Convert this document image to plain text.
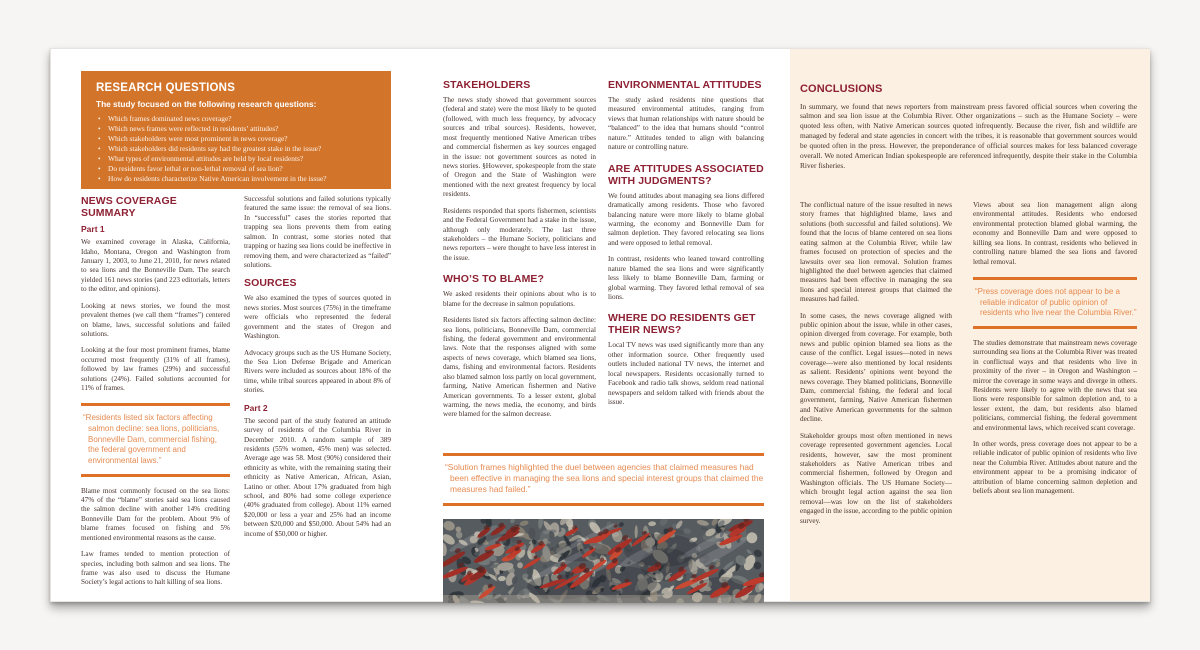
RESEARCH QUESTIONS

The study focused on the following research questions:

• Which frames dominated news coverage?
• Which news frames were reflected in residents’ attitudes?
• Which stakeholders were most prominent in news coverage?
• Which stakeholders did residents say had the greatest stake in the issue?
• What types of environmental attitudes are held by local residents?
• Do residents favor lethal or non-lethal removal of sea lion?
• How do residents characterize Native American involvement in the issue?
NEWS COVERAGE SUMMARY
Part 1

We examined coverage in Alaska, California, Idaho, Montana, Oregon and Washington from January 1, 2003, to June 21, 2010, for news related to sea lions and the Bonneville Dam. The search yielded 161 news stories (and 223 editorials, letters to the editor, and opinions).

Looking at news stories, we found the most prevalent themes (we call them “frames”) centered on blame, laws, successful solutions and failed solutions.

Looking at the four most prominent frames, blame occurred most frequently (31% of all frames), followed by law frames (29%) and successful solutions (24%). Failed solutions accounted for 11% of frames.

“Residents listed six factors affecting salmon decline: sea lions, politicians, Bonneville Dam, commercial fishing, the federal government and environmental laws.”

Blame most commonly focused on the sea lions: 47% of the “blame” stories said sea lions caused the salmon decline with another 14% crediting Bonneville Dam for the problem. About 9% of blame frames focused on fishing and 5% mentioned environmental reasons as the cause.

Law frames tended to mention protection of species, including both salmon and sea lions. The frame was also used to discuss the Humane Society’s legal actions to halt killing of sea lions.

Successful solutions and failed solutions typically featured the same issue: the removal of sea lions. In “successful” cases the stories reported that trapping sea lions prevents them from eating salmon. In contrast, some stories noted that trapping or hazing sea lions could be ineffective in removing them, and were characterized as “failed” solutions.

SOURCES

We also examined the types of sources quoted in news stories. Most sources (75%) in the timeframe were officials who represented the federal government and the states of Oregon and Washington.

Advocacy groups such as the US Humane Society, the Sea Lion Defense Brigade and American Rivers were included as sources about 18% of the time, while tribal sources appeared in about 8% of stories.

Part 2

The second part of the study featured an attitude survey of residents of the Columbia River in December 2010. A random sample of 389 residents (55% women, 45% men) was selected. Average age was 58. Most (90%) considered their ethnicity as white, with the remaining stating their ethnicity as Native American, African, Asian, Latino or other. About 17% graduated from high school, and 80% had some college experience (40% graduated from college). About 11% earned $20,000 or less a year and 25% had an income between $20,000 and $50,000. About 54% had an income of $50,000 or higher.

STAKEHOLDERS

The news study showed that government sources (federal and state) were the most likely to be quoted (followed, with much less frequency, by advocacy sources and tribal sources). Residents, however, most frequently mentioned Native American tribes and commercial fishermen as key sources engaged in the issue: not government sources as noted in news stories. §However, spokespeople from the state of Oregon and the State of Washington were mentioned with the next greatest frequency by local residents.

Residents responded that sports fishermen, scientists and the Federal Government had a stake in the issue, although only moderately. The last three stakeholders – the Humane Society, politicians and news reporters – were thought to have less interest in the issue.

WHO’S TO BLAME?

We asked residents their opinions about who is to blame for the decrease in salmon populations.

Residents listed six factors affecting salmon decline: sea lions, politicians, Bonneville Dam, commercial fishing, the federal government and environmental laws. Note that the responses aligned with some aspects of news coverage, which blamed sea lions, dams, fishing and environmental factors. Residents also blamed salmon loss partly on local government, farming, Native American fishermen and Native American governments. To a lesser extent, global warming, the news media, the economy, and birds were blamed for the salmon decrease.

ENVIRONMENTAL ATTITUDES

The study asked residents nine questions that measured environmental attitudes, ranging from views that human relationships with nature should be “balanced” to the idea that humans should “control nature.” Attitudes tended to align with balancing nature or controlling nature.

ARE ATTITUDES ASSOCIATED WITH JUDGMENTS?

We found attitudes about managing sea lions differed dramatically among residents. Those who favored balancing nature were more likely to blame global warming, the economy and Bonneville Dam for salmon depletion. They favored relocating sea lions and were opposed to lethal removal.

In contrast, residents who leaned toward controlling nature blamed the sea lions and were significantly less likely to blame Bonneville Dam, farming or global warming. They favored lethal removal of sea lions.

WHERE DO RESIDENTS GET THEIR NEWS?

Local TV news was used significantly more than any other information source. Other frequently used outlets included national TV news, the internet and local newspapers. Residents occasionally turned to Facebook and radio talk shows, seldom read national newspapers and seldom talked with friends about the issue.

“Solution frames highlighted the duel between agencies that claimed measures had been effective in managing the sea lions and special interest groups that claimed the measures had failed.”

CONCLUSIONS

In summary, we found that news reporters from mainstream press favored official sources when covering the salmon and sea lion issue at the Columbia River. Other organizations – such as the Humane Society – were quoted less often, with Native American sources quoted infrequently. Because the river, fish and wildlife are managed by federal and state agencies in concert with the tribes, it is reasonable that government sources would be quoted often in the press. However, the preponderance of official sources makes for less balanced coverage overall. We noted American Indian spokespeople are referenced infrequently, despite their stake in the Columbia River fisheries.

The conflictual nature of the issue resulted in news story frames that highlighted blame, laws and solutions (both successful and failed solutions). We found that the locus of blame centered on sea lions eating salmon at the Columbia River, while law frames focused on protection of species and the lawsuits over sea lion removal. Solution frames highlighted the duel between agencies that claimed measures had been effective in managing the sea lions and special interest groups that claimed the measures had failed.

In some cases, the news coverage aligned with public opinion about the issue, while in other cases, opinion diverged from coverage. For example, both news and public opinion blamed sea lions as the cause of the conflict. Legal issues—noted in news coverage—were also mentioned by local residents as salient. Residents’ opinions went beyond the news coverage. They blamed politicians, Bonneville Dam, commercial fishing, the federal and local government, farming, Native American fishermen and Native American governments for the salmon decline.

Stakeholder groups most often mentioned in news coverage represented government agencies. Local residents, however, saw the most prominent stakeholders as Native American tribes and commercial fishermen, followed by Oregon and Washington officials. The US Humane Society—which brought legal action against the sea lion removal—was low on the list of stakeholders engaged in the issue, according to the public opinion survey.

Views about sea lion management align along environmental attitudes. Residents who endorsed environmental protection blamed global warming, the economy and Bonneville Dam and were opposed to killing sea lions. In contrast, residents who believed in controlling nature blamed the sea lions and favored lethal removal.

“Press coverage does not appear to be a reliable indicator of public opinion of residents who live near the Columbia River.”

The studies demonstrate that mainstream news coverage surrounding sea lions at the Columbia River was treated in conflictual ways and that residents who live in proximity of the river – in Oregon and Washington – mirror the coverage in some ways and diverge in others. Residents were likely to agree with the news that sea lions were responsible for salmon depletion and, to a lesser extent, the dam, but residents also blamed politicians, commercial fishing, the federal government and environmental laws, which received scant coverage.

In other words, press coverage does not appear to be a reliable indicator of public opinion of residents who live near the Columbia River. Attitudes about nature and the environment appear to be a promising indicator of attribution of blame concerning salmon depletion and beliefs about sea lion management.
